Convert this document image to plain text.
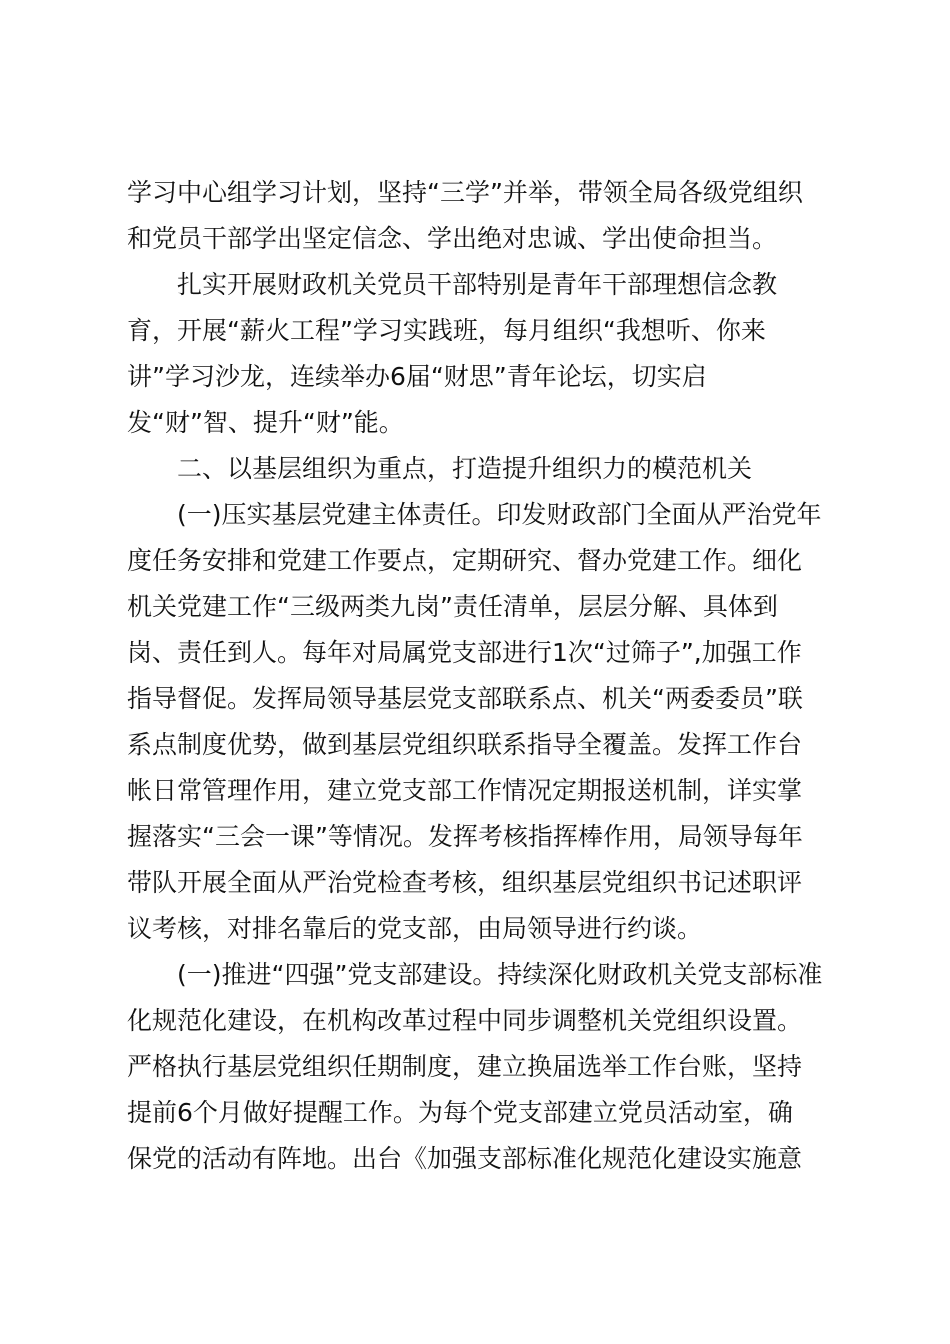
学习中心组学习计划，坚持“三学”并举，带领全局各级党组织
和党员干部学出坚定信念、学出绝对忠诚、学出使命担当。
扎实开展财政机关党员干部特别是青年干部理想信念教
育，开展“薪火工程”学习实践班，每月组织“我想听、你来
讲”学习沙龙，连续举办6届“财思”青年论坛，切实启
发“财”智、提升“财”能。
二、以基层组织为重点，打造提升组织力的模范机关
(一)压实基层党建主体责任。印发财政部门全面从严治党年
度任务安排和党建工作要点，定期研究、督办党建工作。细化
机关党建工作“三级两类九岗”责任清单，层层分解、具体到
岗、责任到人。每年对局属党支部进行1次“过筛子”,加强工作
指导督促。发挥局领导基层党支部联系点、机关“两委委员”联
系点制度优势，做到基层党组织联系指导全覆盖。发挥工作台
帐日常管理作用，建立党支部工作情况定期报送机制，详实掌
握落实“三会一课”等情况。发挥考核指挥棒作用，局领导每年
带队开展全面从严治党检查考核，组织基层党组织书记述职评
议考核，对排名靠后的党支部，由局领导进行约谈。
(一)推进“四强”党支部建设。持续深化财政机关党支部标准
化规范化建设，在机构改革过程中同步调整机关党组织设置。
严格执行基层党组织任期制度，建立换届选举工作台账，坚持
提前6个月做好提醒工作。为每个党支部建立党员活动室，确
保党的活动有阵地。出台《加强支部标准化规范化建设实施意
